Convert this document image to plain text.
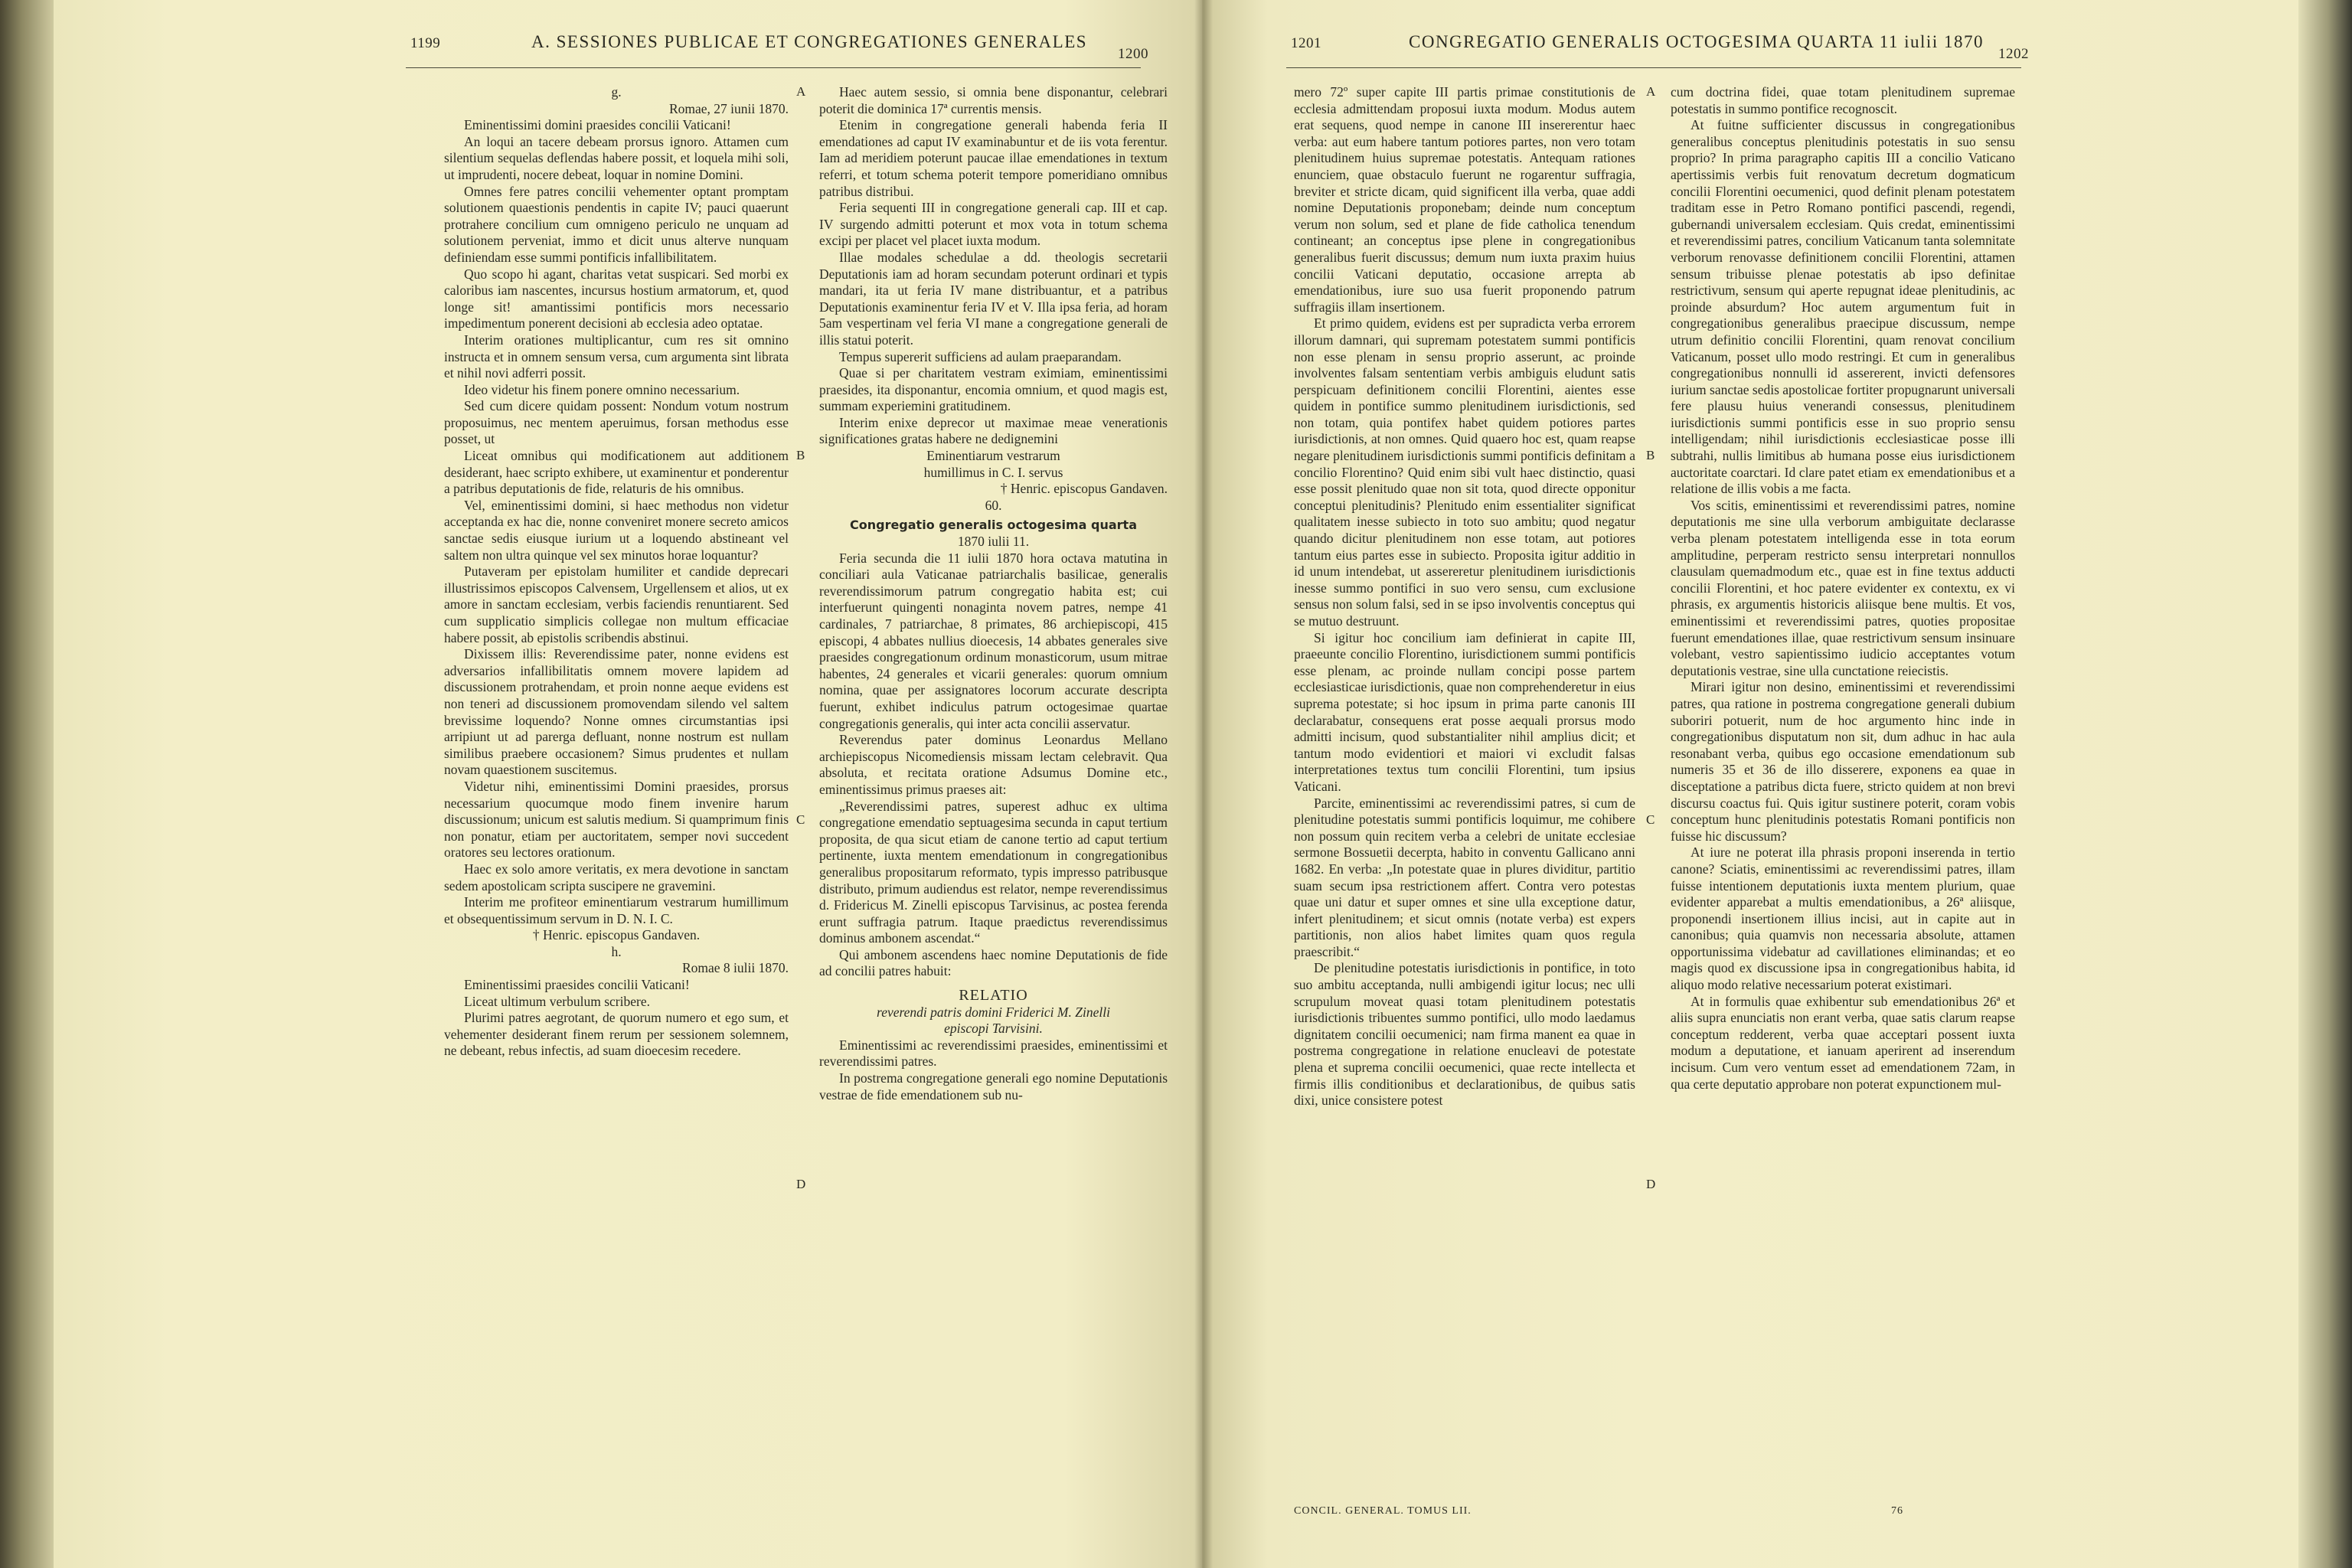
1199	A. SESSIONES PUBLICAE ET CONGREGATIONES GENERALES
1200

g.

Romae, 27 iunii 1870.

Eminentissimi domini praesides concilii Vaticani!

An loqui an tacere debeam prorsus ignoro. Attamen cum silentium sequelas deflendas habere possit, et loquela mihi soli, ut imprudenti, nocere debeat, loquar in nomine Domini.

Omnes fere patres concilii vehementer optant promptam solutionem quaestionis pendentis in capite IV; pauci quaerunt protrahere concilium cum omnigeno periculo ne unquam ad solutionem perveniat, immo et dicit unus alterve nunquam definiendam esse summi pontificis infallibilitatem.

Quo scopo hi agant, charitas vetat suspicari. Sed morbi ex caloribus iam nascentes, incursus hostium armatorum, et, quod longe sit! amantissimi pontificis mors necessario impedimentum ponerent decisioni ab ecclesia adeo optatae.

Interim orationes multiplicantur, cum res sit omnino instructa et in omnem sensum versa, cum argumenta sint librata et nihil novi adferri possit.

Ideo videtur his finem ponere omnino necessarium.

Sed cum dicere quidam possent: Nondum votum nostrum proposuimus, nec mentem aperuimus, forsan methodus esse posset, ut

Liceat omnibus qui modificationem aut additionem desiderant, haec scripto exhibere, ut examinentur et ponderentur a patribus deputationis de fide, relaturis de his omnibus.

Vel, eminentissimi domini, si haec methodus non videtur acceptanda ex hac die, nonne conveniret monere secreto amicos sanctae sedis eiusque iurium ut a loquendo abstineant vel saltem non ultra quinque vel sex minutos horae loquantur?

Putaveram per epistolam humiliter et candide deprecari illustrissimos episcopos Calvensem, Urgellensem et alios, ut ex amore in sanctam ecclesiam, verbis faciendis renuntiarent. Sed cum supplicatio simplicis collegae non multum efficaciae habere possit, ab epistolis scribendis abstinui.

Dixissem illis: Reverendissime pater, nonne evidens est adversarios infallibilitatis omnem movere lapidem ad discussionem protrahendam, et proin nonne aeque evidens est non teneri ad discussionem promovendam silendo vel saltem brevissime loquendo? Nonne omnes circumstantias ipsi arripiunt ut ad parerga defluant, nonne nostrum est nullam similibus praebere occasionem? Simus prudentes et nullam novam quaestionem suscitemus.

Videtur nihi, eminentissimi Domini praesides, prorsus necessarium quocumque modo finem invenire harum discussionum; unicum est salutis medium. Si quamprimum finis non ponatur, etiam per auctoritatem, semper novi succedent oratores seu lectores orationum.

Haec ex solo amore veritatis, ex mera devotione in sanctam sedem apostolicam scripta suscipere ne gravemini.

Interim me profiteor eminentiarum vestrarum humillimum et obsequentissimum servum in D. N. I. C.

† Henric. episcopus Gandaven.

h.

Romae 8 iulii 1870.

Eminentissimi praesides concilii Vaticani!

Liceat ultimum verbulum scribere.

Plurimi patres aegrotant, de quorum numero et ego sum, et vehementer desiderant finem rerum per sessionem solemnem, ne debeant, rebus infectis, ad suam dioecesim recedere.

Haec autem sessio, si omnia bene disponantur, celebrari poterit die dominica 17ª currentis mensis.

Etenim in congregatione generali habenda feria II emendationes ad caput IV examinabuntur et de iis vota ferentur. Iam ad meridiem poterunt paucae illae emendationes in textum referri, et totum schema poterit tempore pomeridiano omnibus patribus distribui.

Feria sequenti III in congregatione generali cap. III et cap. IV surgendo admitti poterunt et mox vota in totum schema excipi per placet vel placet iuxta modum.

Illae modales schedulae a dd. theologis secretarii Deputationis iam ad horam secundam poterunt ordinari et typis mandari, ita ut feria IV mane distribuantur, et a patribus Deputationis examinentur feria IV et V. Illa ipsa feria, ad horam 5am vespertinam vel feria VI mane a congregatione generali de illis statui poterit.

Tempus supererit sufficiens ad aulam praeparandam.

Quae si per charitatem vestram eximiam, eminentissimi praesides, ita disponantur, encomia omnium, et quod magis est, summam experiemini gratitudinem.

Interim enixe deprecor ut maximae meae venerationis significationes gratas habere ne dedignemini

Eminentiarum vestrarum

humillimus in C. I. servus

† Henric. episcopus Gandaven.

60.

Congregatio generalis octogesima quarta

1870 iulii 11.

Feria secunda die 11 iulii 1870 hora octava matutina in conciliari aula Vaticanae patriarchalis basilicae, generalis reverendissimorum patrum congregatio habita est; cui interfuerunt quingenti nonaginta novem patres, nempe 41 cardinales, 7 patriarchae, 8 primates, 86 archiepiscopi, 415 episcopi, 4 abbates nullius dioecesis, 14 abbates generales sive praesides congregationum ordinum monasticorum, usum mitrae habentes, 24 generales et vicarii generales: quorum omnium nomina, quae per assignatores locorum accurate descripta fuerunt, exhibet indiculus patrum octogesimae quartae congregationis generalis, qui inter acta concilii asservatur.

Reverendus pater dominus Leonardus Mellano archiepiscopus Nicomediensis missam lectam celebravit. Qua absoluta, et recitata oratione Adsumus Domine etc., eminentissimus primus praeses ait:

„Reverendissimi patres, superest adhuc ex ultima congregatione emendatio septuagesima secunda in caput tertium proposita, de qua sicut etiam de canone tertio ad caput tertium pertinente, iuxta mentem emendationum in congregationibus generalibus propositarum reformato, typis impresso patribusque distributo, primum audiendus est relator, nempe reverendissimus d. Fridericus M. Zinelli episcopus Tarvisinus, ac postea ferenda erunt suffragia patrum. Itaque praedictus reverendissimus dominus ambonem ascendat.“

Qui ambonem ascendens haec nomine Deputationis de fide ad concilii patres habuit:

RELATIO

reverendi patris domini Friderici M. Zinelli

episcopi Tarvisini.

Eminentissimi ac reverendissimi praesides, eminentissimi et reverendissimi patres.

In postrema congregatione generali ego nomine Deputationis vestrae de fide emendationem sub nu-

A
B
C
D
1201	CONGREGATIO GENERALIS OCTOGESIMA QUARTA 11 iulii 1870
1202

mero 72º super capite III partis primae constitutionis de ecclesia admittendam proposui iuxta modum. Modus autem erat sequens, quod nempe in canone III insererentur haec verba: aut eum habere tantum potiores partes, non vero totam plenitudinem huius supremae potestatis. Antequam rationes enunciem, quae obstaculo fuerunt ne rogarentur suffragia, breviter et stricte dicam, quid significent illa verba, quae addi nomine Deputationis proponebam; deinde num conceptum verum non solum, sed et plane de fide catholica tenendum contineant; an conceptus ipse plene in congregationibus generalibus fuerit discussus; demum num iuxta praxim huius concilii Vaticani deputatio, occasione arrepta ab emendationibus, iure suo usa fuerit proponendo patrum suffragiis illam insertionem.

Et primo quidem, evidens est per supradicta verba errorem illorum damnari, qui supremam potestatem summi pontificis non esse plenam in sensu proprio asserunt, ac proinde involventes falsam sententiam verbis ambiguis eludunt satis perspicuam definitionem concilii Florentini, aientes esse quidem in pontifice summo plenitudinem iurisdictionis, sed non totam, quia pontifex habet quidem potiores partes iurisdictionis, at non omnes. Quid quaero hoc est, quam reapse negare plenitudinem iurisdictionis summi pontificis definitam a concilio Florentino? Quid enim sibi vult haec distinctio, quasi esse possit plenitudo quae non sit tota, quod directe opponitur conceptui plenitudinis? Plenitudo enim essentialiter significat qualitatem inesse subiecto in toto suo ambitu; quod negatur quando dicitur plenitudinem non esse totam, aut potiores tantum eius partes esse in subiecto. Proposita igitur additio in id unum intendebat, ut assereretur plenitudinem iurisdictionis inesse summo pontifici in suo vero sensu, cum exclusione sensus non solum falsi, sed in se ipso involventis conceptus qui se mutuo destruunt.

Si igitur hoc concilium iam definierat in capite III, praeeunte concilio Florentino, iurisdictionem summi pontificis esse plenam, ac proinde nullam concipi posse partem ecclesiasticae iurisdictionis, quae non comprehenderetur in eius suprema potestate; si hoc ipsum in prima parte canonis III declarabatur, consequens erat posse aequali prorsus modo admitti incisum, quod substantialiter nihil amplius dicit; et tantum modo evidentiori et maiori vi excludit falsas interpretationes textus tum concilii Florentini, tum ipsius Vaticani.

Parcite, eminentissimi ac reverendissimi patres, si cum de plenitudine potestatis summi pontificis loquimur, me cohibere non possum quin recitem verba a celebri de unitate ecclesiae sermone Bossuetii decerpta, habito in conventu Gallicano anni 1682. En verba: „In potestate quae in plures dividitur, partitio suam secum ipsa restrictionem affert. Contra vero potestas quae uni datur et super omnes et sine ulla exceptione datur, infert plenitudinem; et sicut omnis (notate verba) est expers partitionis, non alios habet limites quam quos regula praescribit.“

De plenitudine potestatis iurisdictionis in pontifice, in toto suo ambitu acceptanda, nulli ambigendi igitur locus; nec ulli scrupulum moveat quasi totam plenitudinem potestatis iurisdictionis tribuentes summo pontifici, ullo modo laedamus dignitatem concilii oecumenici; nam firma manent ea quae in postrema congregatione in relatione enucleavi de potestate plena et suprema concilii oecumenici, quae recte intellecta et firmis illis conditionibus et declarationibus, de quibus satis dixi, unice consistere potest

cum doctrina fidei, quae totam plenitudinem supremae potestatis in summo pontifice recognoscit.

At fuitne sufficienter discussus in congregationibus generalibus conceptus plenitudinis potestatis in suo sensu proprio? In prima paragrapho capitis III a concilio Vaticano apertissimis verbis fuit renovatum decretum dogmaticum concilii Florentini oecumenici, quod definit plenam potestatem traditam esse in Petro Romano pontifici pascendi, regendi, gubernandi universalem ecclesiam. Quis credat, eminentissimi et reverendissimi patres, concilium Vaticanum tanta solemnitate verborum renovasse definitionem concilii Florentini, attamen sensum tribuisse plenae potestatis ab ipso definitae restrictivum, sensum qui aperte repugnat ideae plenitudinis, ac proinde absurdum? Hoc autem argumentum fuit in congregationibus generalibus praecipue discussum, nempe utrum definitio concilii Florentini, quam renovat concilium Vaticanum, posset ullo modo restringi. Et cum in generalibus congregationibus nonnulli id assererent, invicti defensores iurium sanctae sedis apostolicae fortiter propugnarunt universali fere plausu huius venerandi consessus, plenitudinem iurisdictionis summi pontificis esse in suo proprio sensu intelligendam; nihil iurisdictionis ecclesiasticae posse illi subtrahi, nullis limitibus ab humana posse eius iurisdictionem auctoritate coarctari. Id clare patet etiam ex emendationibus et a relatione de illis vobis a me facta.

Vos scitis, eminentissimi et reverendissimi patres, nomine deputationis me sine ulla verborum ambiguitate declarasse verba plenam potestatem intelligenda esse in tota eorum amplitudine, perperam restricto sensu interpretari nonnullos clausulam quemadmodum etc., quae est in fine textus adducti concilii Florentini, et hoc patere evidenter ex contextu, ex vi phrasis, ex argumentis historicis aliisque bene multis. Et vos, eminentissimi et reverendissimi patres, quoties propositae fuerunt emendationes illae, quae restrictivum sensum insinuare volebant, vestro sapientissimo iudicio acceptantes votum deputationis vestrae, sine ulla cunctatione reiecistis.

Mirari igitur non desino, eminentissimi et reverendissimi patres, qua ratione in postrema congregatione generali dubium suboriri potuerit, num de hoc argumento hinc inde in congregationibus disputatum non sit, dum adhuc in hac aula resonabant verba, quibus ego occasione emendationum sub numeris 35 et 36 de illo disserere, exponens ea quae in disceptatione a patribus dicta fuere, stricto quidem at non brevi discursu coactus fui. Quis igitur sustinere poterit, coram vobis conceptum hunc plenitudinis potestatis Romani pontificis non fuisse hic discussum?

At iure ne poterat illa phrasis proponi inserenda in tertio canone? Sciatis, eminentissimi ac reverendissimi patres, illam fuisse intentionem deputationis iuxta mentem plurium, quae evidenter apparebat a multis emendationibus, a 26ª aliisque, proponendi insertionem illius incisi, aut in capite aut in canonibus; quia quamvis non necessaria absolute, attamen opportunissima videbatur ad cavillationes eliminandas; et eo magis quod ex discussione ipsa in congregationibus habita, id aliquo modo relative necessarium poterat existimari.

At in formulis quae exhibentur sub emendationibus 26ª et aliis supra enunciatis non erant verba, quae satis clarum reapse conceptum redderent, verba quae acceptari possent iuxta modum a deputatione, et ianuam aperirent ad inserendum incisum. Cum vero ventum esset ad emendationem 72am, in qua certe deputatio approbare non poterat expunctionem mul-

A
B
C
D
CONCIL. GENERAL. TOMUS LII.	76
